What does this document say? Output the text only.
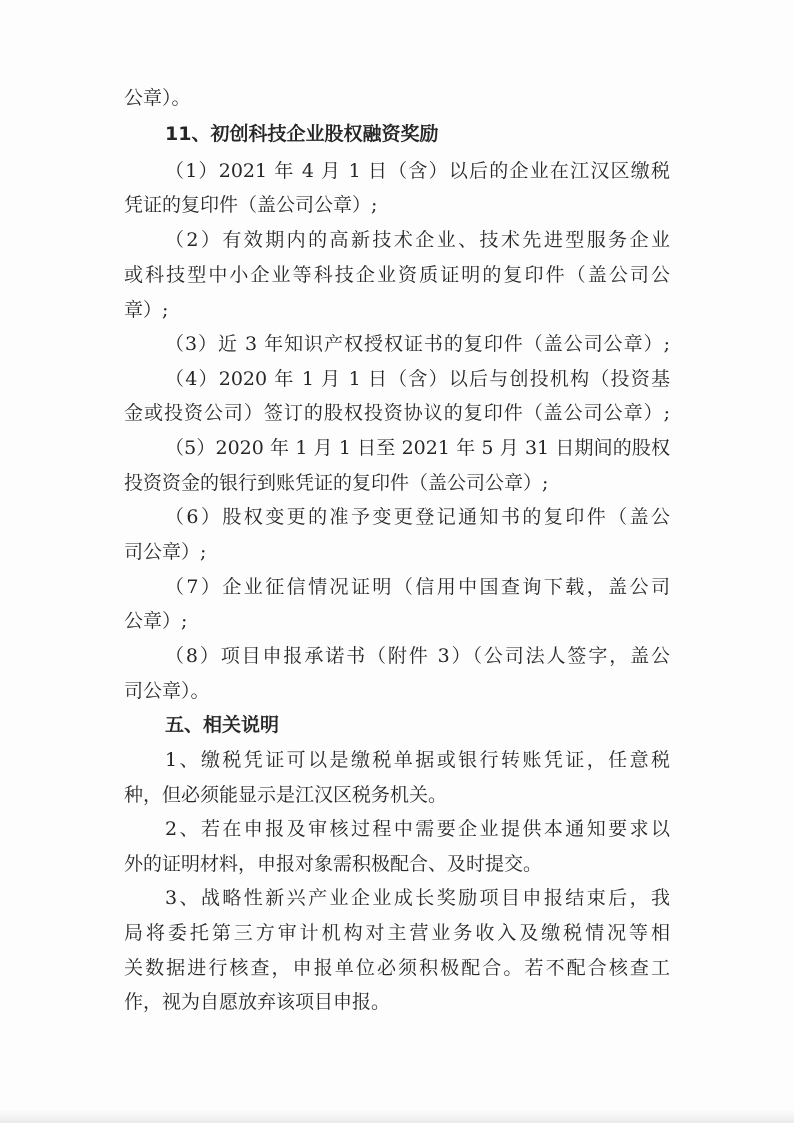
公章）。
11、初创科技企业股权融资奖励
（1）2021 年 4 月 1 日（含）以后的企业在江汉区缴税
凭证的复印件（盖公司公章）;
（2）有效期内的高新技术企业、技术先进型服务企业
或科技型中小企业等科技企业资质证明的复印件（盖公司公
章）;
（3）近 3 年知识产权授权证书的复印件（盖公司公章）;
（4）2020 年 1 月 1 日（含）以后与创投机构（投资基
金或投资公司）签订的股权投资协议的复印件（盖公司公章）;
（5）2020 年 1 月 1 日至 2021 年 5 月 31 日期间的股权
投资资金的银行到账凭证的复印件（盖公司公章）;
（6）股权变更的准予变更登记通知书的复印件（盖公
司公章）;
（7）企业征信情况证明（信用中国查询下载，盖公司
公章）;
（8）项目申报承诺书（附件 3）（公司法人签字，盖公
司公章）。
五、相关说明
1、缴税凭证可以是缴税单据或银行转账凭证，任意税
种，但必须能显示是江汉区税务机关。
2、若在申报及审核过程中需要企业提供本通知要求以
外的证明材料，申报对象需积极配合、及时提交。
3、战略性新兴产业企业成长奖励项目申报结束后，我
局将委托第三方审计机构对主营业务收入及缴税情况等相
关数据进行核查，申报单位必须积极配合。若不配合核查工
作，视为自愿放弃该项目申报。
